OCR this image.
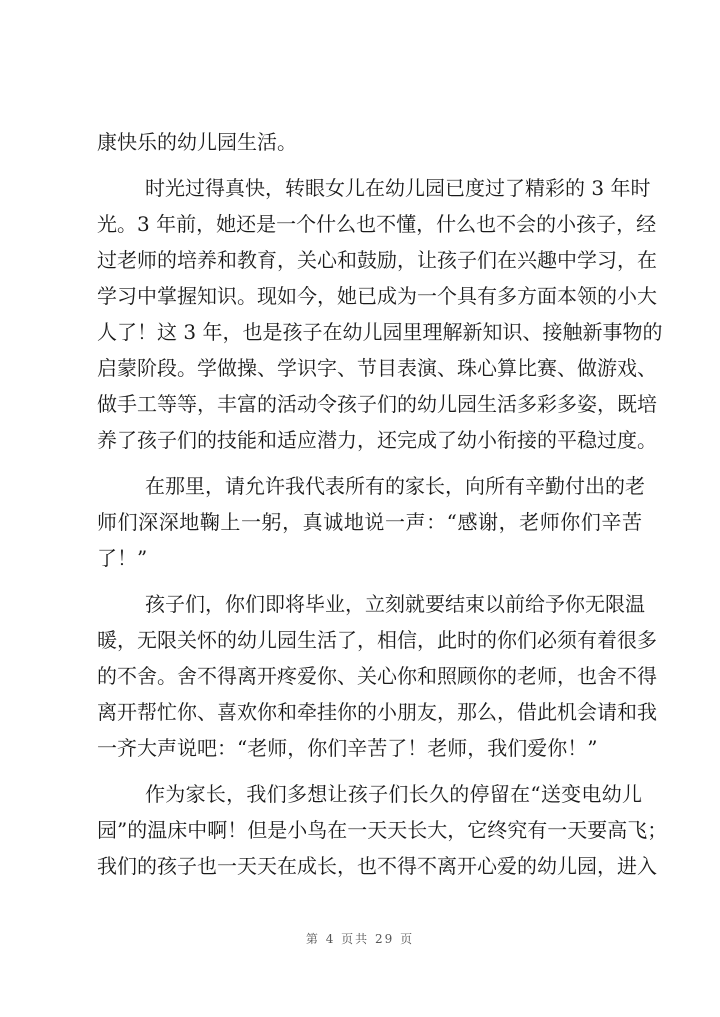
康快乐的幼儿园生活。
时光过得真快，转眼女儿在幼儿园已度过了精彩的 3 年时
光。3 年前，她还是一个什么也不懂，什么也不会的小孩子，经
过老师的培养和教育，关心和鼓励，让孩子们在兴趣中学习，在
学习中掌握知识。现如今，她已成为一个具有多方面本领的小大
人了！这 3 年，也是孩子在幼儿园里理解新知识、接触新事物的
启蒙阶段。学做操、学识字、节目表演、珠心算比赛、做游戏、
做手工等等，丰富的活动令孩子们的幼儿园生活多彩多姿，既培
养了孩子们的技能和适应潜力，还完成了幼小衔接的平稳过度。
在那里，请允许我代表所有的家长，向所有辛勤付出的老
师们深深地鞠上一躬，真诚地说一声：“感谢，老师你们辛苦
了！”
孩子们，你们即将毕业，立刻就要结束以前给予你无限温
暖，无限关怀的幼儿园生活了，相信，此时的你们必须有着很多
的不舍。舍不得离开疼爱你、关心你和照顾你的老师，也舍不得
离开帮忙你、喜欢你和牵挂你的小朋友，那么，借此机会请和我
一齐大声说吧：“老师，你们辛苦了！老师，我们爱你！”
作为家长，我们多想让孩子们长久的停留在“送变电幼儿
园”的温床中啊！但是小鸟在一天天长大，它终究有一天要高飞；
我们的孩子也一天天在成长，也不得不离开心爱的幼儿园，进入
第 4 页共 29 页
